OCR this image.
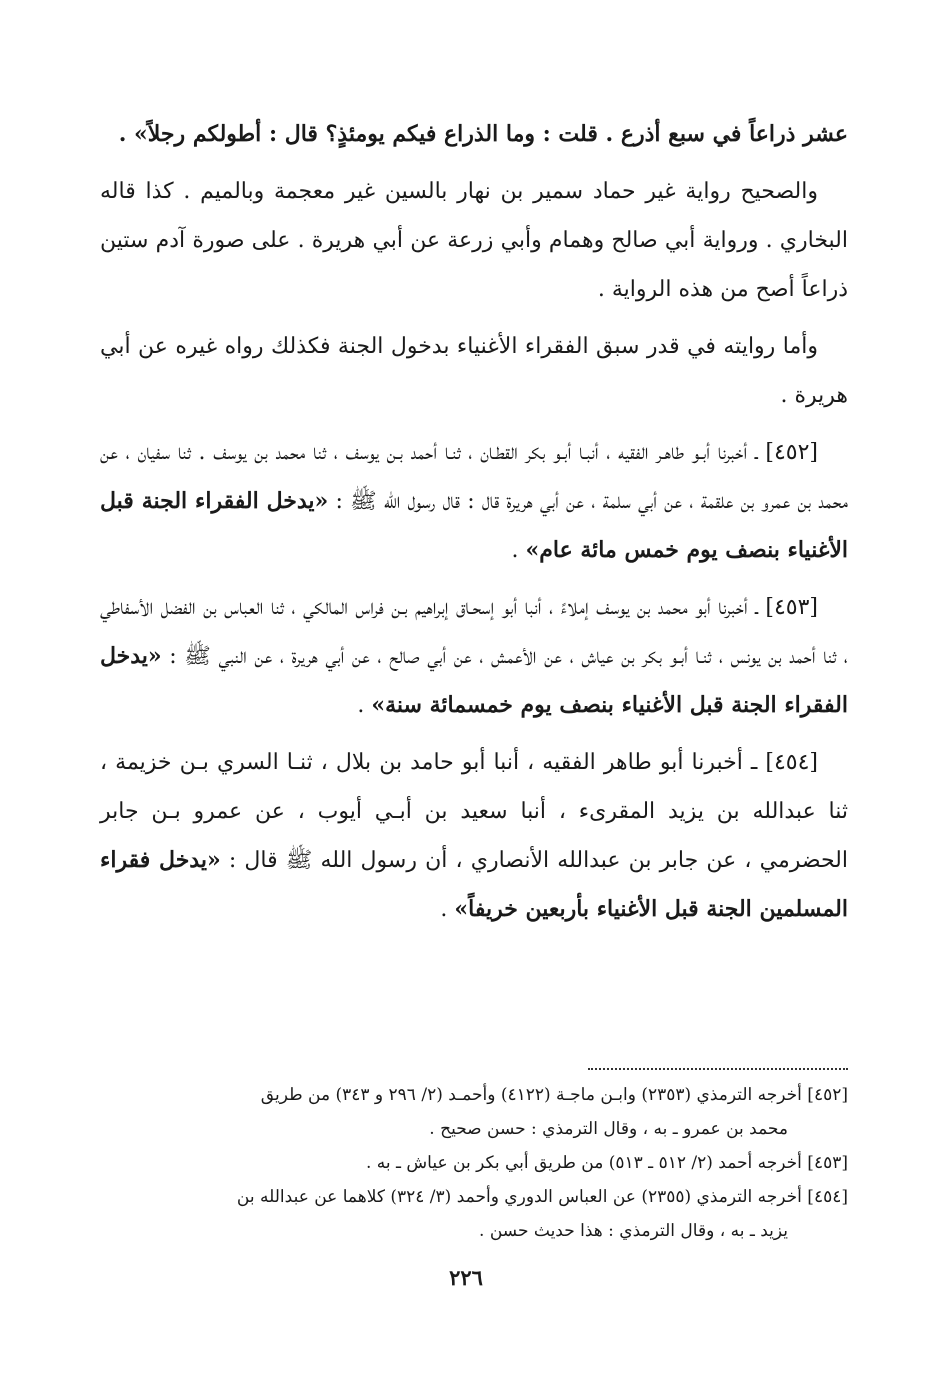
عشر ذراعاً في سبع أذرع . قلت : وما الذراع فيكم يومئذٍ؟ قال : أطولكم رجلاً» .

والصحيح رواية غير حماد سمير بن نهار بالسين غير معجمة وبالميم . كذا قاله البخاري . ورواية أبي صالح وهمام وأبي زرعة عن أبي هريرة . على صورة آدم ستين ذراعاً أصح من هذه الرواية .

وأما روايته في قدر سبق الفقراء الأغنياء بدخول الجنة فكذلك رواه غيره عن أبي هريرة .

[٤٥٢] ـ أخبرنا أبـو طاهـر الفقيه ، أنبـا أبـو بكر القطـان ، ثنـا أحمد بـن يوسف ، ثنا محمد بن يوسف . ثنا سفيان ، عن محمد بن عمرو بن علقمة ، عن أبي سلمة ، عن أبي هريرة قال : قال رسول الله ﷺ : «يدخل الفقراء الجنة قبل الأغنياء بنصف يوم خمس مائة عام» .

[٤٥٣] ـ أخبرنا أبو محمد بن يوسف إملاءً ، أنبا أبو إسحـاق إبراهيم بـن فراس المالكي ، ثنا العباس بن الفضل الأسفاطي ، ثنا أحمد بن يونس ، ثنـا أبـو بكر بن عياش ، عن الأعمش ، عن أبي صالح ، عن أبي هريرة ، عن النبي ﷺ : «يدخل الفقراء الجنة قبل الأغنياء بنصف يوم خمسمائة سنة» .

[٤٥٤] ـ أخبرنا أبو طاهر الفقيه ، أنبا أبو حامد بن بلال ، ثنـا السري بـن خزيمة ، ثنا عبدالله بن يزيد المقرىء ، أنبا سعيد بن أبـي أيوب ، عن عمرو بـن جابر الحضرمي ، عن جابر بن عبدالله الأنصاري ، أن رسول الله ﷺ قال : «يدخل فقراء المسلمين الجنة قبل الأغنياء بأربعين خريفاً» .

[٤٥٢] أخرجه الترمذي (٢٣٥٣) وابـن ماجـة (٤١٢٢) وأحمـد (٢/ ٢٩٦ و ٣٤٣) من طريق

محمد بن عمرو ـ به ، وقال الترمذي : حسن صحيح .

[٤٥٣] أخرجه أحمد (٢/ ٥١٢ ـ ٥١٣) من طريق أبي بكر بن عياش ـ به .

[٤٥٤] أخرجه الترمذي (٢٣٥٥) عن العباس الدوري وأحمد (٣/ ٣٢٤) كلاهما عن عبدالله بن

يزيد ـ به ، وقال الترمذي : هذا حديث حسن .

٢٢٦
